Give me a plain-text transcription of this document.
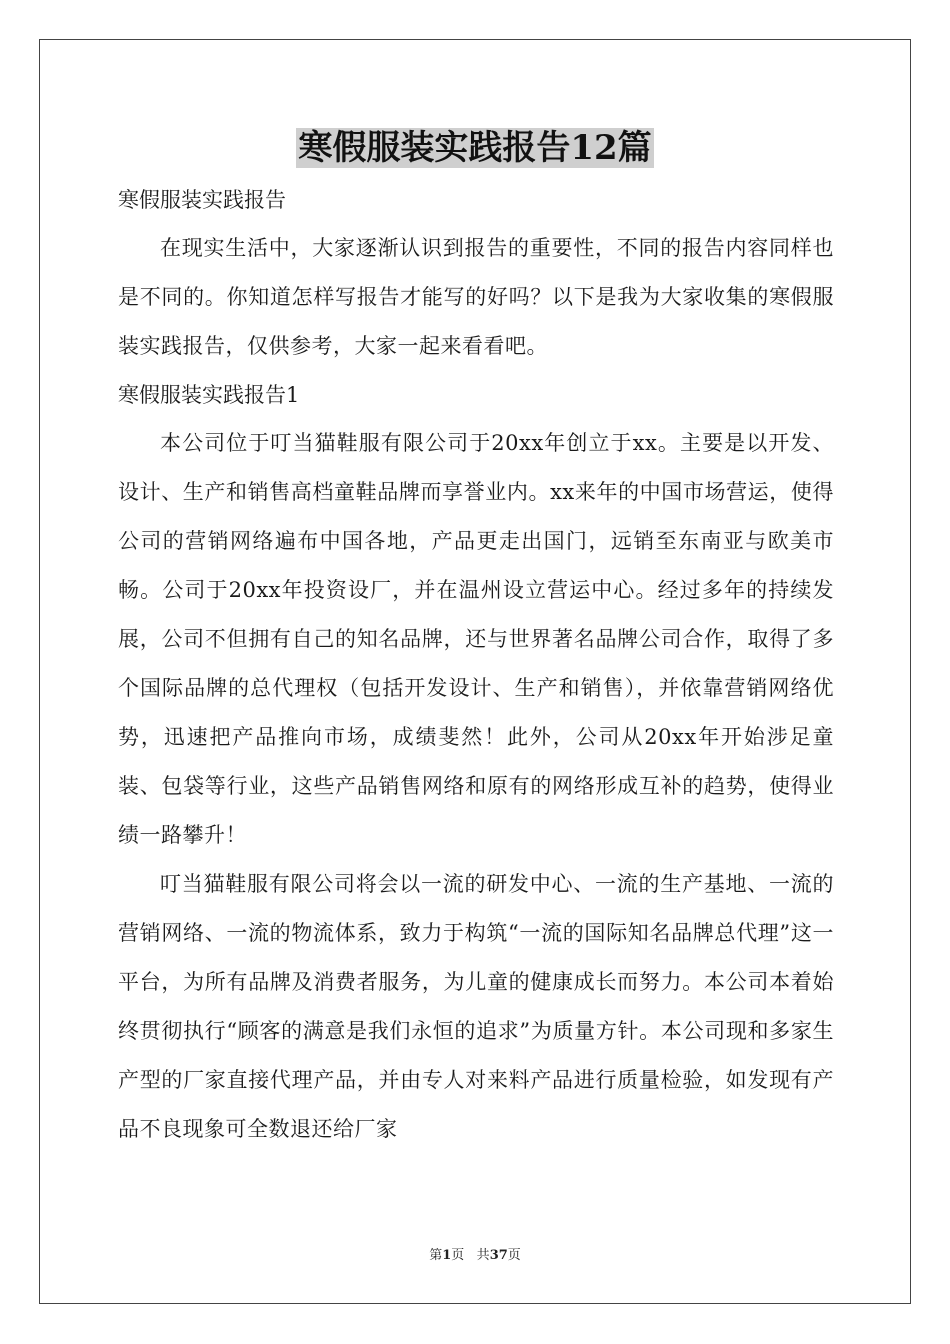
寒假服装实践报告12篇

寒假服装实践报告

在现实生活中，大家逐渐认识到报告的重要性，不同的报告内容同样也是不同的。你知道怎样写报告才能写的好吗？以下是我为大家收集的寒假服装实践报告，仅供参考，大家一起来看看吧。

寒假服装实践报告1

本公司位于叮当猫鞋服有限公司于20xx年创立于xx。主要是以开发、设计、生产和销售高档童鞋品牌而享誉业内。xx来年的中国市场营运，使得公司的营销网络遍布中国各地，产品更走出国门，远销至东南亚与欧美市畅。公司于20xx年投资设厂，并在温州设立营运中心。经过多年的持续发展，公司不但拥有自己的知名品牌，还与世界著名品牌公司合作，取得了多个国际品牌的总代理权（包括开发设计、生产和销售），并依靠营销网络优势，迅速把产品推向市场，成绩斐然！此外，公司从20xx年开始涉足童装、包袋等行业，这些产品销售网络和原有的网络形成互补的趋势，使得业绩一路攀升！

叮当猫鞋服有限公司将会以一流的研发中心、一流的生产基地、一流的营销网络、一流的物流体系，致力于构筑“一流的国际知名品牌总代理”这一平台，为所有品牌及消费者服务，为儿童的健康成长而努力。本公司本着始终贯彻执行“顾客的满意是我们永恒的追求”为质量方针。本公司现和多家生产型的厂家直接代理产品，并由专人对来料产品进行质量检验，如发现有产品不良现象可全数退还给厂家

第1页 共37页
